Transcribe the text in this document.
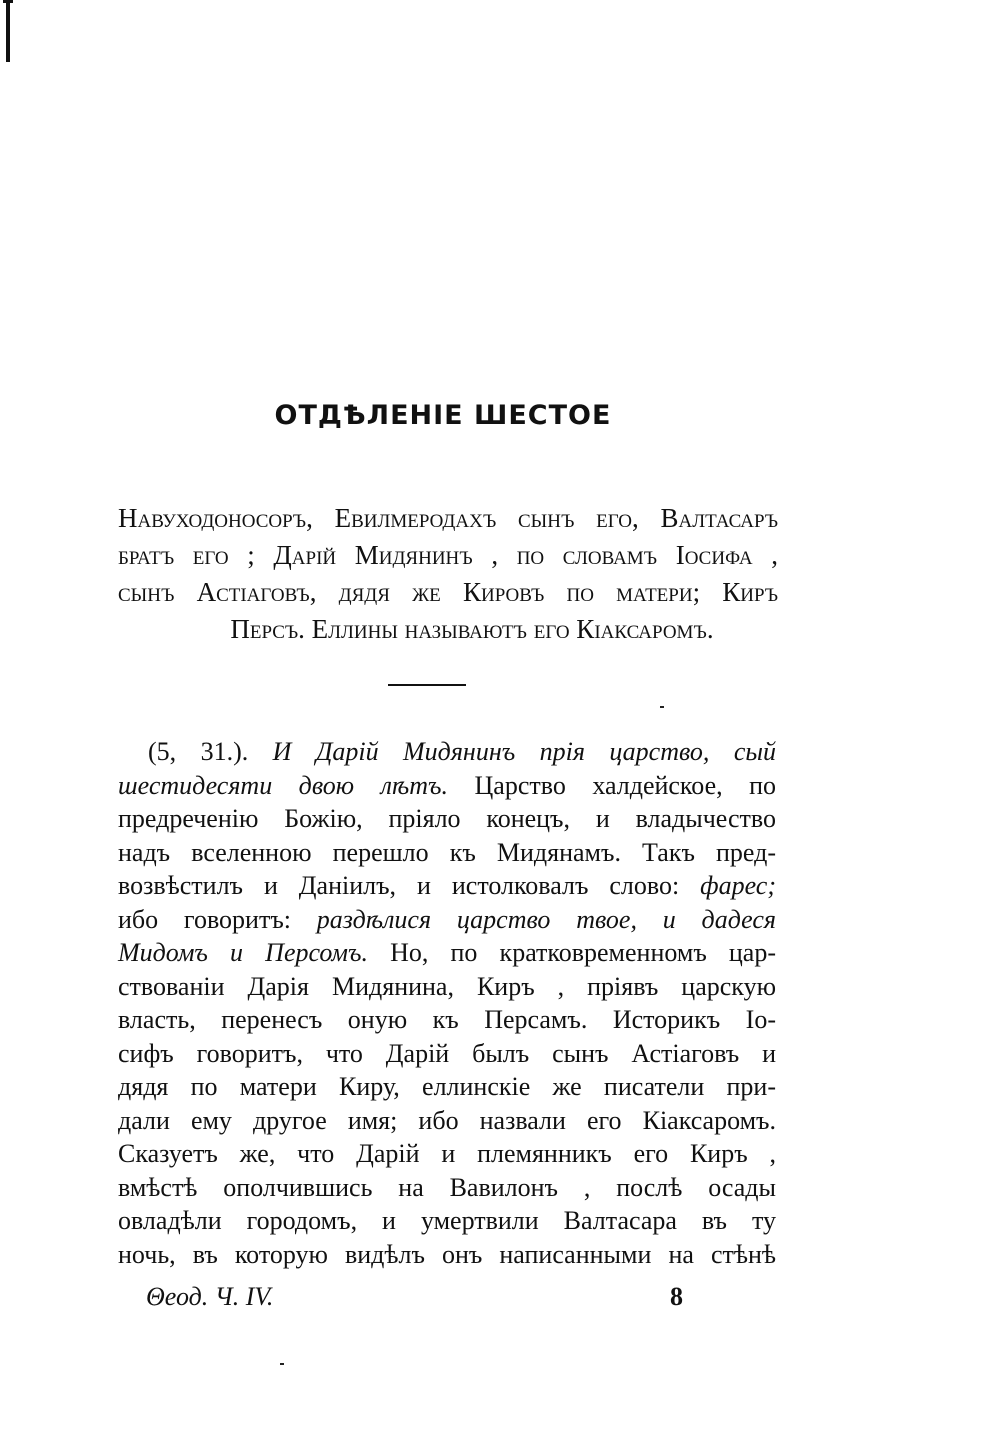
ОТДѢЛЕНІЕ ШЕСТОЕ
Навуходоносоръ, Евилмеродахъ сынъ его, Валтасаръ
братъ его ; Дарій Мидянинъ , по словамъ Іосифа ,
сынъ Астіаговъ, дядя же Кировъ по матери; Киръ
Персъ. Еллины называютъ его Кіаксаромъ.
(5, 31.). И Дарій Мидянинъ прія царство, сый
шестидесяти двою лѣтъ. Царство халдейское, по
предреченію Божію, пріяло конецъ, и владычество
надъ вселенною перешло къ Мидянамъ. Такъ пред-
возвѣстилъ и Даніилъ, и истолковалъ слово: фарес;
ибо говоритъ: раздѣлися царство твое, и дадеся
Мидомъ и Персомъ. Но, по кратковременномъ цар-
ствованіи Дарія Мидянина, Киръ , пріявъ царскую
власть, перенесъ оную къ Персамъ. Историкъ Іо-
сифъ говоритъ, что Дарій былъ сынъ Астіаговъ и
дядя по матери Киру, еллинскіе же писатели при-
дали ему другое имя; ибо назвали его Кіаксаромъ.
Сказуетъ же, что Дарій и племянникъ его Киръ ,
вмѣстѣ ополчившись на Вавилонъ , послѣ осады
овладѣли городомъ, и умертвили Валтасара въ ту
ночь, въ которую видѣлъ онъ написанными на стѣнѣ
Θеод. Ч. IV.	8
